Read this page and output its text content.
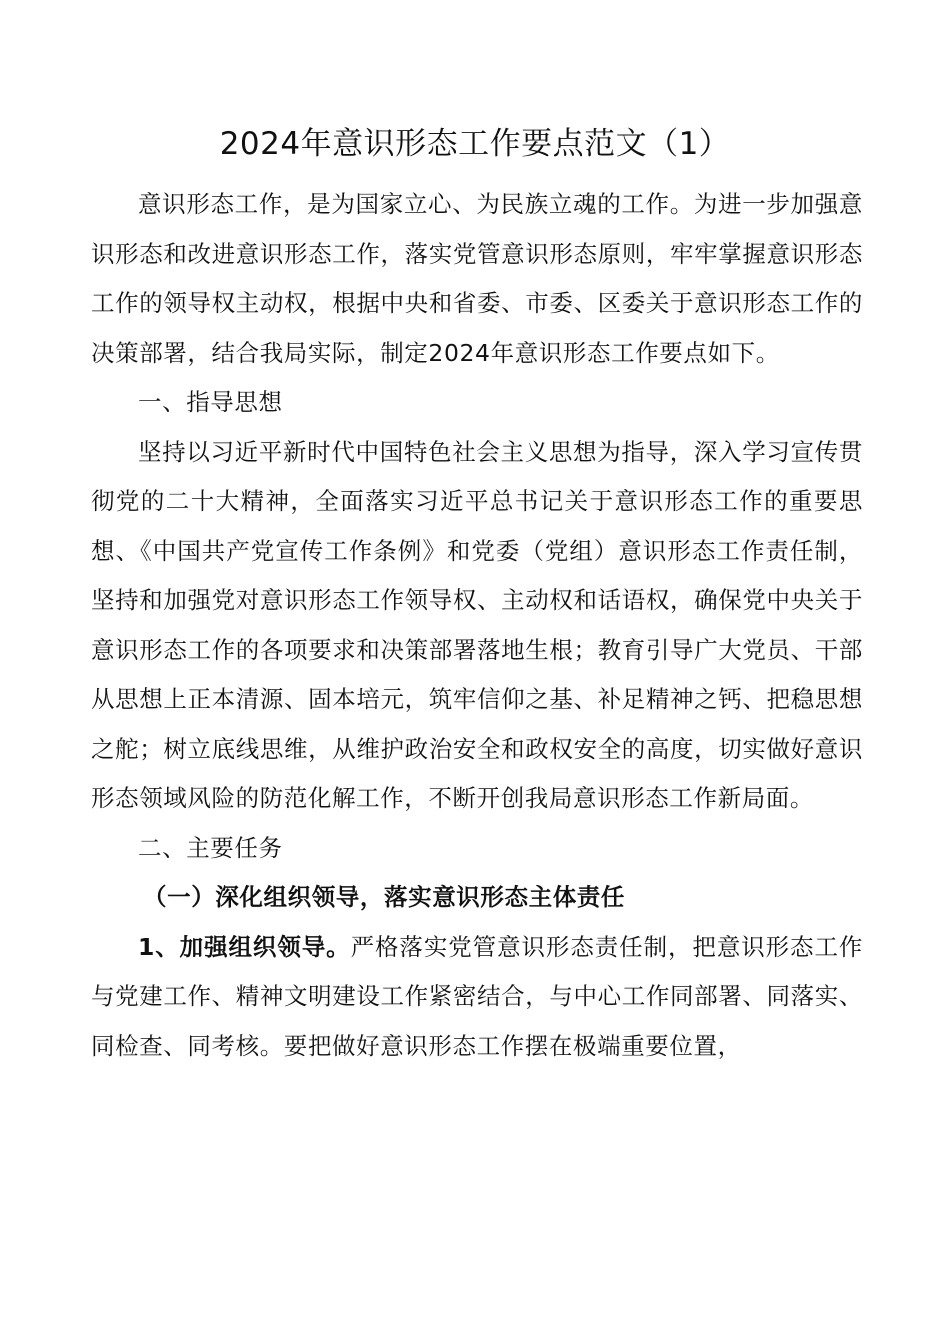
2024年意识形态工作要点范文（1）

意识形态工作，是为国家立心、为民族立魂的工作。为进一步加强意识形态和改进意识形态工作，落实党管意识形态原则，牢牢掌握意识形态工作的领导权主动权，根据中央和省委、市委、区委关于意识形态工作的决策部署，结合我局实际，制定2024年意识形态工作要点如下。

一、指导思想

坚持以习近平新时代中国特色社会主义思想为指导，深入学习宣传贯彻党的二十大精神，全面落实习近平总书记关于意识形态工作的重要思想、《中国共产党宣传工作条例》和党委（党组）意识形态工作责任制，坚持和加强党对意识形态工作领导权、主动权和话语权，确保党中央关于意识形态工作的各项要求和决策部署落地生根；教育引导广大党员、干部从思想上正本清源、固本培元，筑牢信仰之基、补足精神之钙、把稳思想之舵；树立底线思维，从维护政治安全和政权安全的高度，切实做好意识形态领域风险的防范化解工作，不断开创我局意识形态工作新局面。

二、主要任务

（一）深化组织领导，落实意识形态主体责任

1、加强组织领导。严格落实党管意识形态责任制，把意识形态工作与党建工作、精神文明建设工作紧密结合，与中心工作同部署、同落实、同检查、同考核。要把做好意识形态工作摆在极端重要位置，
